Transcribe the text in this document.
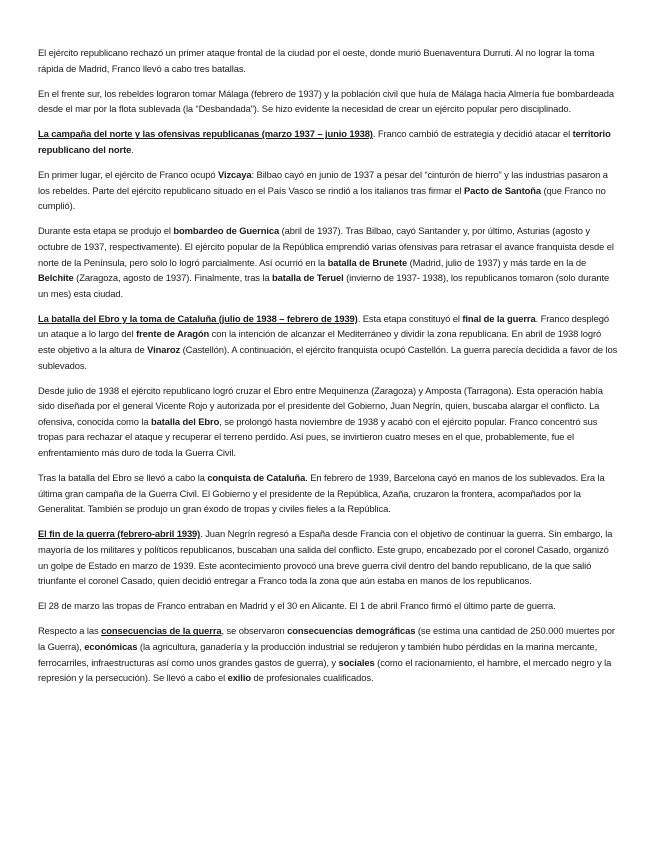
El ejército republicano rechazó un primer ataque frontal de la ciudad por el oeste, donde murió Buenaventura Durruti. Al no lograr la toma rápida de Madrid, Franco llevó a cabo tres batallas.

En el frente sur, los rebeldes lograron tomar Málaga (febrero de 1937) y la población civil que huía de Málaga hacia Almería fue bombardeada desde el mar por la flota sublevada (la “Desbandada”). Se hizo evidente la necesidad de crear un ejército popular pero disciplinado.

La campaña del norte y las ofensivas republicanas (marzo 1937 – junio 1938). Franco cambió de estrategia y decidió atacar el territorio republicano del norte.

En primer lugar, el ejército de Franco ocupó Vizcaya: Bilbao cayó en junio de 1937 a pesar del “cinturón de hierro” y las industrias pasaron a los rebeldes. Parte del ejército republicano situado en el País Vasco se rindió a los italianos tras firmar el Pacto de Santoña (que Franco no cumplió).

Durante esta etapa se produjo el bombardeo de Guernica (abril de 1937). Tras Bilbao, cayó Santander y, por último, Asturias (agosto y octubre de 1937, respectivamente). El ejército popular de la República emprendió varias ofensivas para retrasar el avance franquista desde el norte de la Península, pero solo lo logró parcialmente. Así ocurrió en la batalla de Brunete (Madrid, julio de 1937) y más tarde en la de Belchite (Zaragoza, agosto de 1937). Finalmente, tras la batalla de Teruel (invierno de 1937- 1938), los republicanos tomaron (solo durante un mes) esta ciudad.

La batalla del Ebro y la toma de Cataluña (julio de 1938 – febrero de 1939). Esta etapa constituyó el final de la guerra. Franco desplegó un ataque a lo largo del frente de Aragón con la intención de alcanzar el Mediterráneo y dividir la zona republicana. En abril de 1938 logró este objetivo a la altura de Vinaroz (Castellón). A continuación, el ejército franquista ocupó Castellón. La guerra parecía decidida a favor de los sublevados.

Desde julio de 1938 el ejército republicano logró cruzar el Ebro entre Mequinenza (Zaragoza) y Amposta (Tarragona). Esta operación había sido diseñada por el general Vicente Rojo y autorizada por el presidente del Gobierno, Juan Negrín, quien, buscaba alargar el conflicto. La ofensiva, conocida como la batalla del Ebro, se prolongó hasta noviembre de 1938 y acabó con el ejército popular. Franco concentró sus tropas para rechazar el ataque y recuperar el terreno perdido. Así pues, se invirtieron cuatro meses en el que, probablemente, fue el enfrentamiento más duro de toda la Guerra Civil.

Tras la batalla del Ebro se llevó a cabo la conquista de Cataluña. En febrero de 1939, Barcelona cayó en manos de los sublevados. Era la última gran campaña de la Guerra Civil. El Gobierno y el presidente de la República, Azaña, cruzaron la frontera, acompañados por la Generalitat. También se produjo un gran éxodo de tropas y civiles fieles a la República.

El fin de la guerra (febrero-abril 1939). Juan Negrín regresó a España desde Francia con el objetivo de continuar la guerra. Sin embargo, la mayoría de los militares y políticos republicanos, buscaban una salida del conflicto. Este grupo, encabezado por el coronel Casado, organizó un golpe de Estado en marzo de 1939. Este acontecimiento provocó una breve guerra civil dentro del bando republicano, de la que salió triunfante el coronel Casado, quien decidió entregar a Franco toda la zona que aún estaba en manos de los republicanos.

El 28 de marzo las tropas de Franco entraban en Madrid y el 30 en Alicante. El 1 de abril Franco firmó el último parte de guerra.

Respecto a las consecuencias de la guerra, se observaron consecuencias demográficas (se estima una cantidad de 250.000 muertes por la Guerra), económicas (la agricultura, ganadería y la producción industrial se redujeron y también hubo pérdidas en la marina mercante, ferrocarriles, infraestructuras así como unos grandes gastos de guerra), y sociales (como el racionamiento, el hambre, el mercado negro y la represión y la persecución). Se llevó a cabo el exilio de profesionales cualificados.
